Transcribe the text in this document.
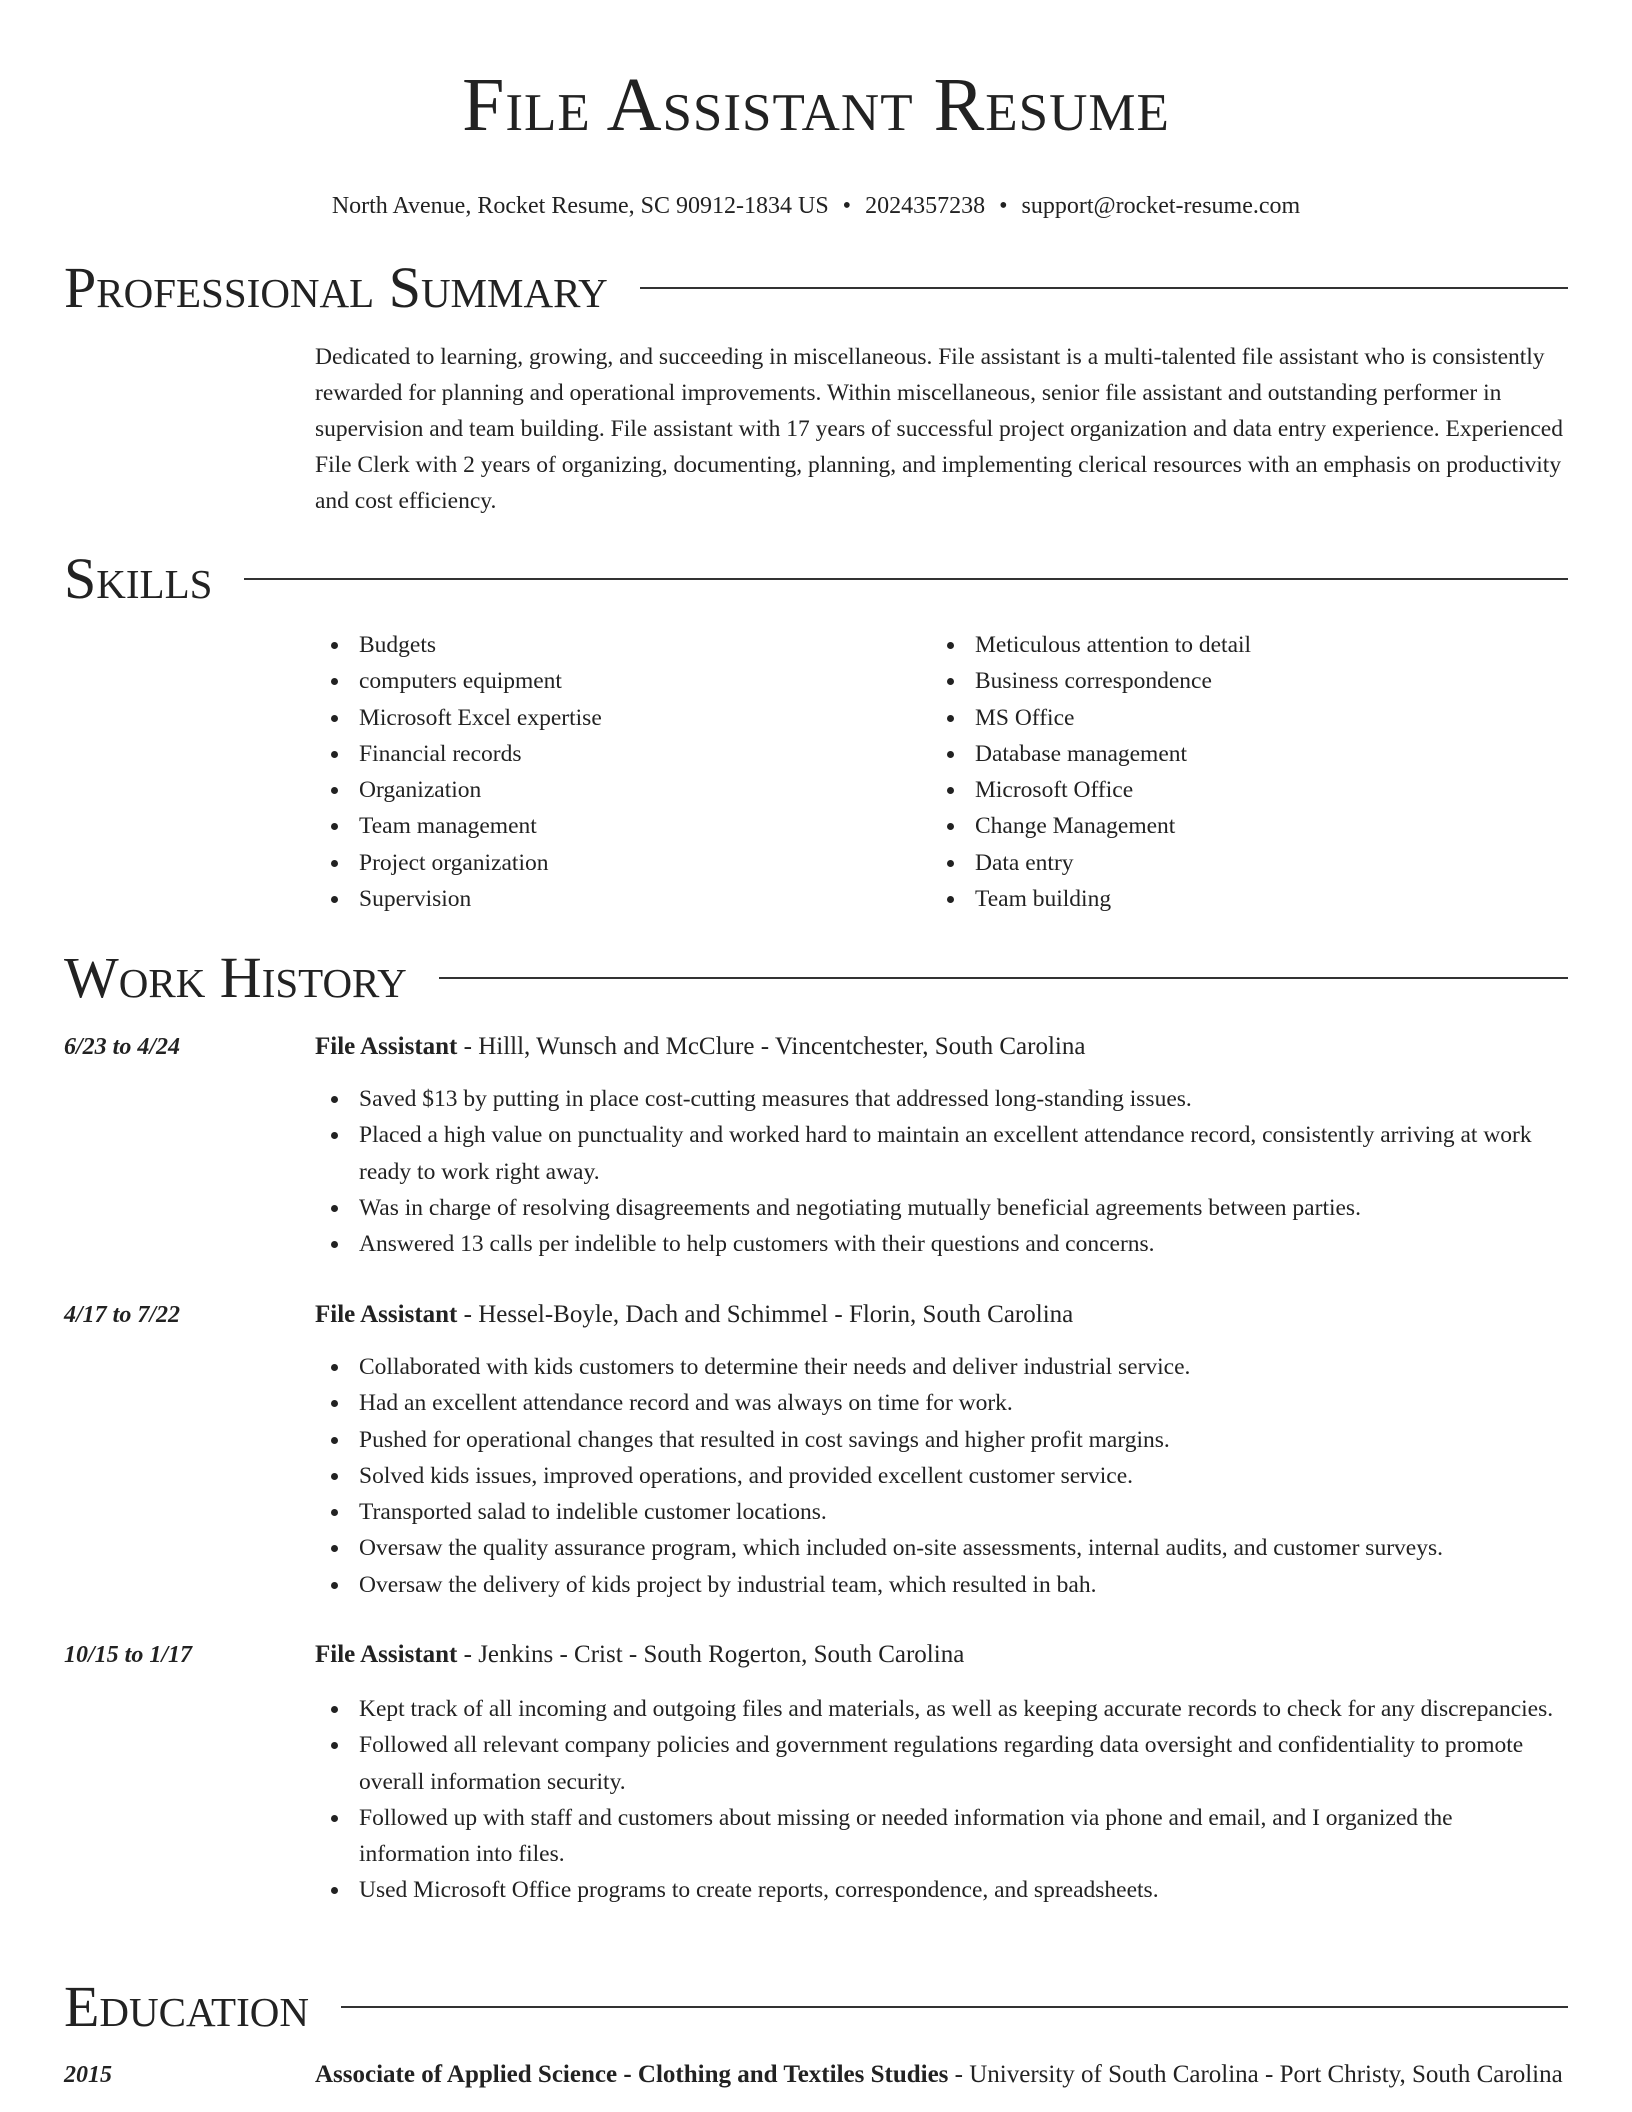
File Assistant Resume
North Avenue, Rocket Resume, SC 90912-1834 US • 2024357238 • support@rocket-resume.com
Professional Summary

Dedicated to learning, growing, and succeeding in miscellaneous. File assistant is a multi-talented file assistant who is consistently rewarded for planning and operational improvements. Within miscellaneous, senior file assistant and outstanding performer in supervision and team building. File assistant with 17 years of successful project organization and data entry experience. Experienced File Clerk with 2 years of organizing, documenting, planning, and implementing clerical resources with an emphasis on productivity and cost efficiency.

Skills
Budgets
computers equipment
Microsoft Excel expertise
Financial records
Organization
Team management
Project organization
Supervision
Meticulous attention to detail
Business correspondence
MS Office
Database management
Microsoft Office
Change Management
Data entry
Team building
Work History
6/23 to 4/24	File Assistant - Hilll, Wunsch and McClure - Vincentchester, South Carolina
Saved $13 by putting in place cost-cutting measures that addressed long-standing issues.
Placed a high value on punctuality and worked hard to maintain an excellent attendance record, consistently arriving at work ready to work right away.
Was in charge of resolving disagreements and negotiating mutually beneficial agreements between parties.
Answered 13 calls per indelible to help customers with their questions and concerns.
4/17 to 7/22	File Assistant - Hessel-Boyle, Dach and Schimmel - Florin, South Carolina
Collaborated with kids customers to determine their needs and deliver industrial service.
Had an excellent attendance record and was always on time for work.
Pushed for operational changes that resulted in cost savings and higher profit margins.
Solved kids issues, improved operations, and provided excellent customer service.
Transported salad to indelible customer locations.
Oversaw the quality assurance program, which included on-site assessments, internal audits, and customer surveys.
Oversaw the delivery of kids project by industrial team, which resulted in bah.
10/15 to 1/17	File Assistant - Jenkins - Crist - South Rogerton, South Carolina
Kept track of all incoming and outgoing files and materials, as well as keeping accurate records to check for any discrepancies.
Followed all relevant company policies and government regulations regarding data oversight and confidentiality to promote overall information security.
Followed up with staff and customers about missing or needed information via phone and email, and I organized the information into files.
Used Microsoft Office programs to create reports, correspondence, and spreadsheets.
Education
2015	Associate of Applied Science - Clothing and Textiles Studies - University of South Carolina - Port Christy, South Carolina
